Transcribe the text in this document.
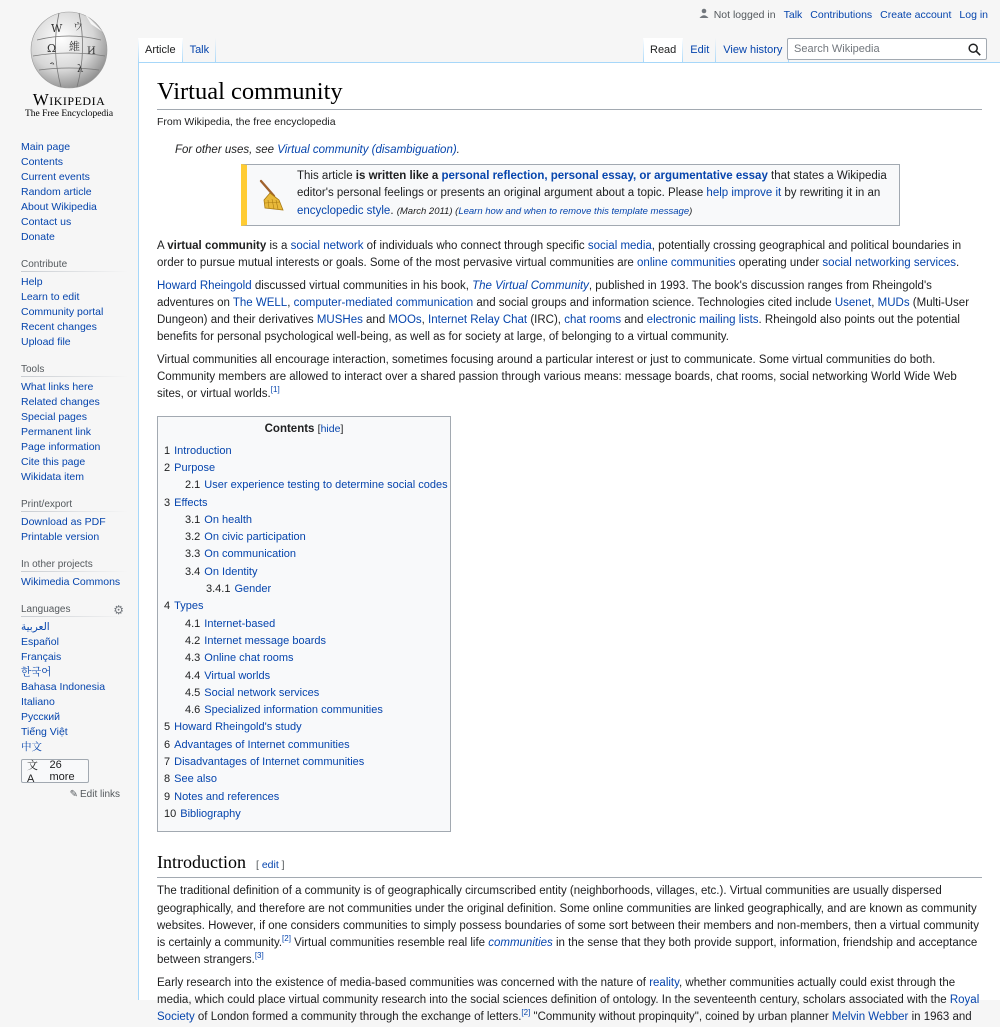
W ウ
Ω 維 И
λ
Wikipedia
The Free Encyclopedia
Main page
Contents
Current events
Random article
About Wikipedia
Contact us
Donate
Contribute
Help
Learn to edit
Community portal
Recent changes
Upload file
Tools
What links here
Related changes
Special pages
Permanent link
Page information
Cite this page
Wikidata item
Print/export
Download as PDF
Printable version
In other projects
Wikimedia Commons
Languages	⚙
العربية
Español
Français
한국어
Bahasa Indonesia
Italiano
Русский
Tiếng Việt
中文
文A
26 more
✎ Edit links
Not logged in Talk Contributions Create account Log in
Article	Talk	Read	Edit	View history
Search Wikipedia
Virtual community
From Wikipedia, the free encyclopedia
For other uses, see Virtual community (disambiguation).
This article is written like a personal reflection, personal essay, or argumentative essay that states a Wikipedia editor's personal feelings or presents an original argument about a topic. Please help improve it by rewriting it in an encyclopedic style. (March 2011) (Learn how and when to remove this template message)

A virtual community is a social network of individuals who connect through specific social media, potentially crossing geographical and political boundaries in order to pursue mutual interests or goals. Some of the most pervasive virtual communities are online communities operating under social networking services.

Howard Rheingold discussed virtual communities in his book, The Virtual Community, published in 1993. The book's discussion ranges from Rheingold's adventures on The WELL, computer-mediated communication and social groups and information science. Technologies cited include Usenet, MUDs (Multi-User Dungeon) and their derivatives MUSHes and MOOs, Internet Relay Chat (IRC), chat rooms and electronic mailing lists. Rheingold also points out the potential benefits for personal psychological well-being, as well as for society at large, of belonging to a virtual community.

Virtual communities all encourage interaction, sometimes focusing around a particular interest or just to communicate. Some virtual communities do both. Community members are allowed to interact over a shared passion through various means: message boards, chat rooms, social networking World Wide Web sites, or virtual worlds.[1]

Contents [hide]
1 Introduction
2 Purpose
2.1 User experience testing to determine social codes
3 Effects
3.1 On health
3.2 On civic participation
3.3 On communication
3.4 On Identity
3.4.1 Gender
4 Types
4.1 Internet-based
4.2 Internet message boards
4.3 Online chat rooms
4.4 Virtual worlds
4.5 Social network services
4.6 Specialized information communities
5 Howard Rheingold's study
6 Advantages of Internet communities
7 Disadvantages of Internet communities
8 See also
9 Notes and references
10 Bibliography
Introduction [ edit ]

The traditional definition of a community is of geographically circumscribed entity (neighborhoods, villages, etc.). Virtual communities are usually dispersed geographically, and therefore are not communities under the original definition. Some online communities are linked geographically, and are known as community websites. However, if one considers communities to simply possess boundaries of some sort between their members and non-members, then a virtual community is certainly a community.[2] Virtual communities resemble real life communities in the sense that they both provide support, information, friendship and acceptance between strangers.[3]

Early research into the existence of media-based communities was concerned with the nature of reality, whether communities actually could exist through the media, which could place virtual community research into the social sciences definition of ontology. In the seventeenth century, scholars associated with the Royal Society of London formed a community through the exchange of letters.[2] "Community without propinquity", coined by urban planner Melvin Webber in 1963 and
